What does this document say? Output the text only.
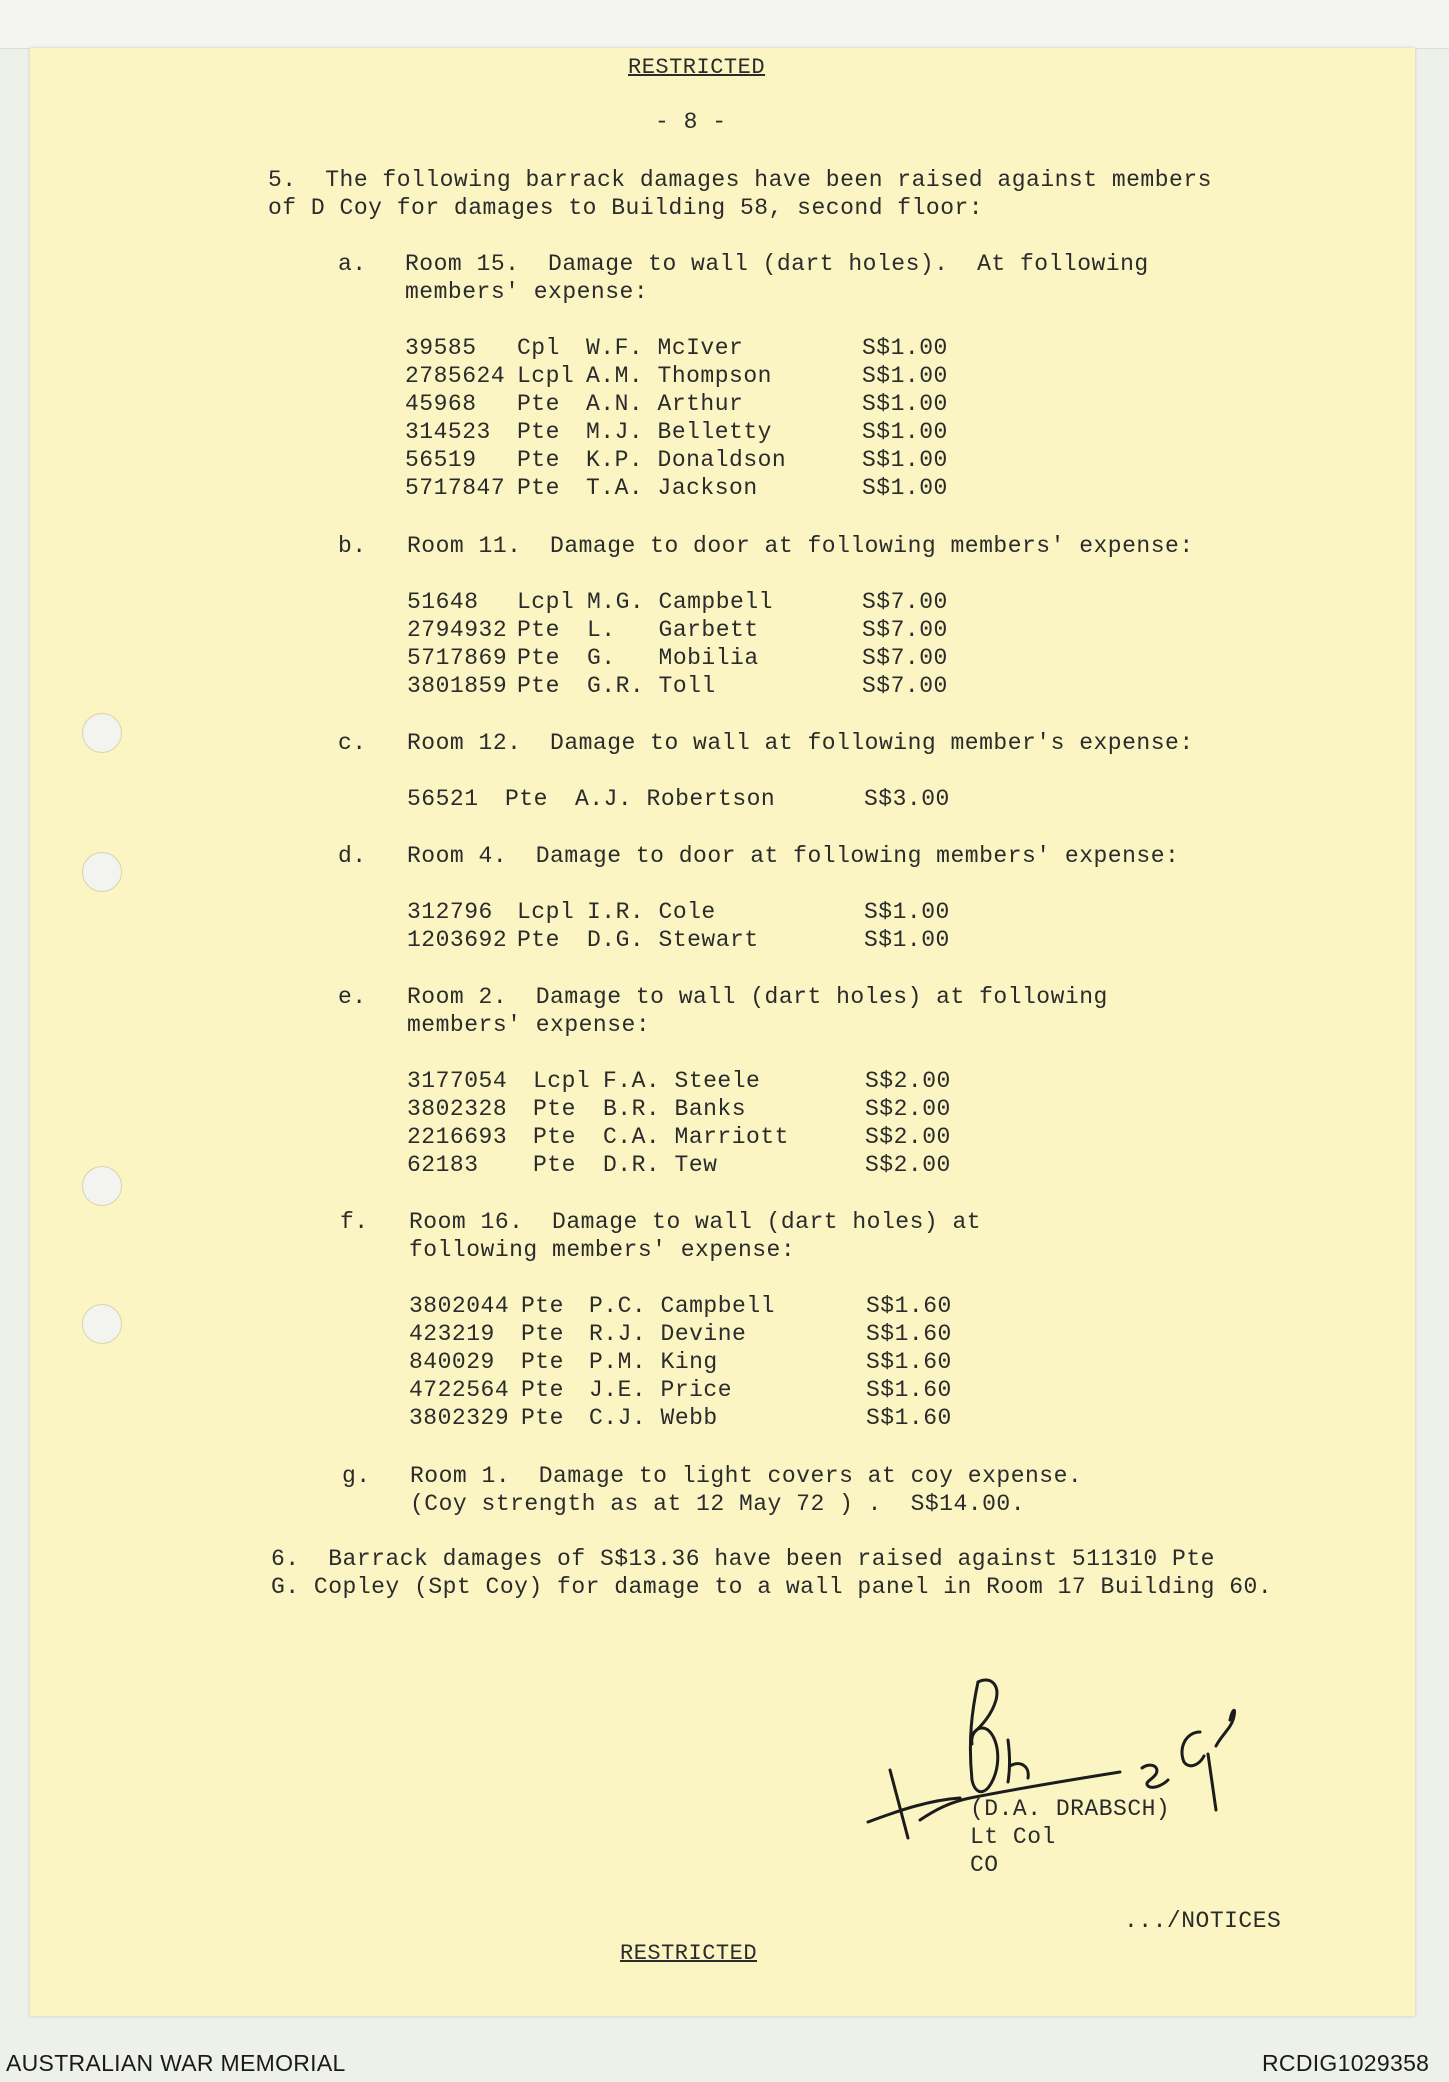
RESTRICTED
- 8 -
5.  The following barrack damages have been raised against members
of D Coy for damages to Building 58, second floor:
a. Room 15.  Damage to wall (dart holes).  At following
members' expense:
39585 Cpl W.F. McIver	S$1.00
2785624 Lcpl A.M. Thompson	S$1.00
45968 Pte A.N. Arthur	S$1.00
314523 Pte M.J. Belletty	S$1.00
56519 Pte K.P. Donaldson	S$1.00
5717847 Pte T.A. Jackson	S$1.00
b. Room 11.  Damage to door at following members' expense:
51648 Lcpl M.G. Campbell	S$7.00
2794932 Pte L.   Garbett	S$7.00
5717869 Pte G.   Mobilia	S$7.00
3801859 Pte G.R. Toll	S$7.00
c. Room 12.  Damage to wall at following member's expense:
56521 Pte A.J. Robertson	S$3.00
d. Room 4.  Damage to door at following members' expense:
312796 Lcpl I.R. Cole	S$1.00
1203692 Pte D.G. Stewart	S$1.00
e. Room 2.  Damage to wall (dart holes) at following
members' expense:
3177054 Lcpl F.A. Steele	S$2.00
3802328 Pte B.R. Banks	S$2.00
2216693 Pte C.A. Marriott	S$2.00
62183 Pte D.R. Tew	S$2.00
f. Room 16.  Damage to wall (dart holes) at
following members' expense:
3802044 Pte P.C. Campbell	S$1.60
423219 Pte R.J. Devine	S$1.60
840029 Pte P.M. King	S$1.60
4722564 Pte J.E. Price	S$1.60
3802329 Pte C.J. Webb	S$1.60
g. Room 1.  Damage to light covers at coy expense.
(Coy strength as at 12 May 72 ) .  S$14.00.
6.  Barrack damages of S$13.36 have been raised against 511310 Pte
G. Copley (Spt Coy) for damage to a wall panel in Room 17 Building 60.
Capt
(D.A. DRABSCH)
Lt Col
CO
.../NOTICES
RESTRICTED
AUSTRALIAN WAR MEMORIAL	RCDIG1029358
